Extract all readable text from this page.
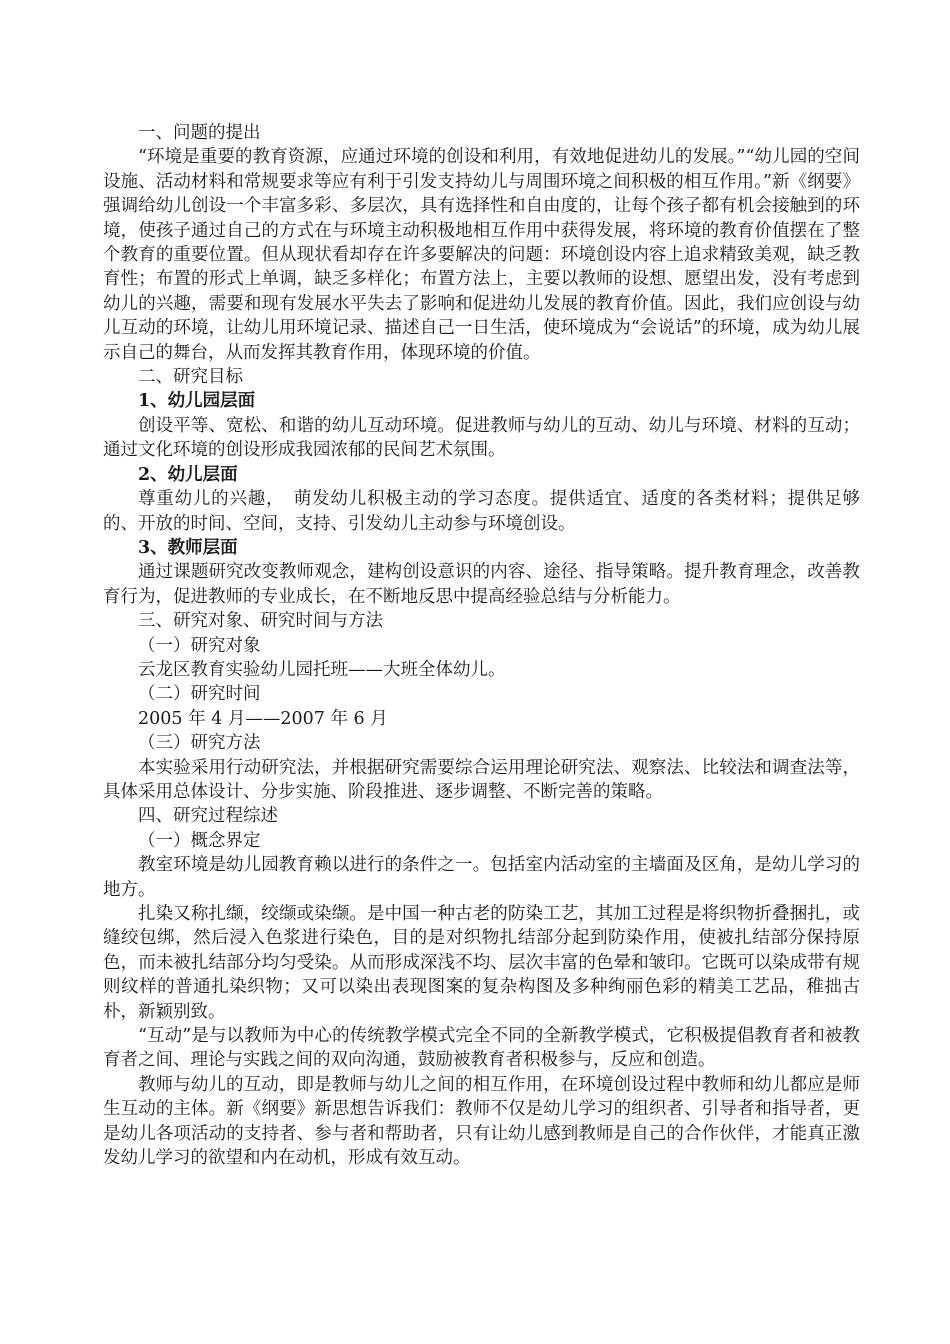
一、问题的提出

“环境是重要的教育资源，应通过环境的创设和利用，有效地促进幼儿的发展。”“幼儿园的空间设施、活动材料和常规要求等应有利于引发支持幼儿与周围环境之间积极的相互作用。”新《纲要》强调给幼儿创设一个丰富多彩、多层次，具有选择性和自由度的，让每个孩子都有机会接触到的环境，使孩子通过自己的方式在与环境主动积极地相互作用中获得发展，将环境的教育价值摆在了整个教育的重要位置。但从现状看却存在许多要解决的问题：环境创设内容上追求精致美观，缺乏教育性；布置的形式上单调，缺乏多样化；布置方法上，主要以教师的设想、愿望出发，没有考虑到幼儿的兴趣，需要和现有发展水平失去了影响和促进幼儿发展的教育价值。因此，我们应创设与幼儿互动的环境，让幼儿用环境记录、描述自己一日生活，使环境成为“会说话”的环境，成为幼儿展示自己的舞台，从而发挥其教育作用，体现环境的价值。

二、研究目标

1、幼儿园层面

创设平等、宽松、和谐的幼儿互动环境。促进教师与幼儿的互动、幼儿与环境、材料的互动；通过文化环境的创设形成我园浓郁的民间艺术氛围。

2、幼儿层面

尊重幼儿的兴趣，　萌发幼儿积极主动的学习态度。提供适宜、适度的各类材料；提供足够的、开放的时间、空间，支持、引发幼儿主动参与环境创设。

3、教师层面

通过课题研究改变教师观念，建构创设意识的内容、途径、指导策略。提升教育理念，改善教育行为，促进教师的专业成长，在不断地反思中提高经验总结与分析能力。

三、研究对象、研究时间与方法

（一）研究对象

云龙区教育实验幼儿园托班——大班全体幼儿。

（二）研究时间

2005 年 4 月——2007 年 6 月

（三）研究方法

本实验采用行动研究法，并根据研究需要综合运用理论研究法、观察法、比较法和调查法等，具体采用总体设计、分步实施、阶段推进、逐步调整、不断完善的策略。

四、研究过程综述

（一）概念界定

教室环境是幼儿园教育赖以进行的条件之一。包括室内活动室的主墙面及区角，是幼儿学习的地方。

扎染又称扎缬，绞缬或染缬。是中国一种古老的防染工艺，其加工过程是将织物折叠捆扎，或缝绞包绑，然后浸入色浆进行染色，目的是对织物扎结部分起到防染作用，使被扎结部分保持原色，而未被扎结部分均匀受染。从而形成深浅不均、层次丰富的色晕和皱印。它既可以染成带有规则纹样的普通扎染织物；又可以染出表现图案的复杂构图及多种绚丽色彩的精美工艺品，稚拙古朴，新颖别致。

“互动”是与以教师为中心的传统教学模式完全不同的全新教学模式，它积极提倡教育者和被教育者之间、理论与实践之间的双向沟通，鼓励被教育者积极参与，反应和创造。

教师与幼儿的互动，即是教师与幼儿之间的相互作用，在环境创设过程中教师和幼儿都应是师生互动的主体。新《纲要》新思想告诉我们：教师不仅是幼儿学习的组织者、引导者和指导者，更是幼儿各项活动的支持者、参与者和帮助者，只有让幼儿感到教师是自己的合作伙伴，才能真正激发幼儿学习的欲望和内在动机，形成有效互动。
